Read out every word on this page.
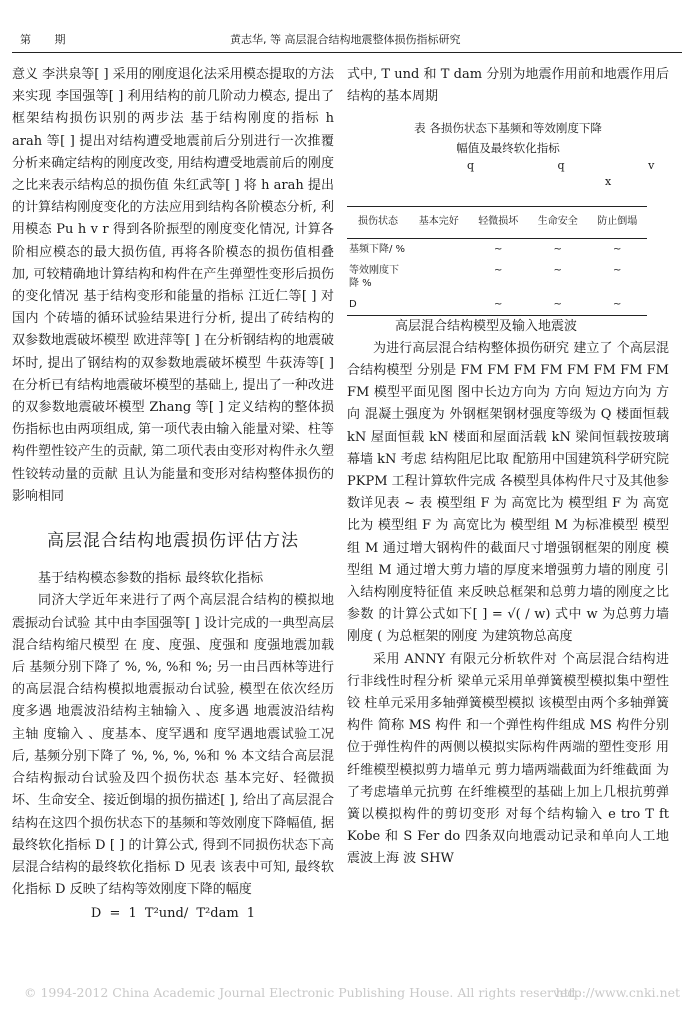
第 期	黄志华, 等 高层混合结构地震整体损伤指标研究

意义 李洪泉等[ ] 采用的刚度退化法采用模态提取的方法来实现 李国强等[ ] 利用结构的前几阶动力模态, 提出了框架结构损伤识别的两步法 基于结构刚度的指标 h arah 等[ ] 提出对结构遭受地震前后分别进行一次推覆分析来确定结构的刚度改变, 用结构遭受地震前后的刚度之比来表示结构总的损伤值 朱红武等[ ] 将 h arah 提出的计算结构刚度变化的方法应用到结构各阶模态分析, 利用模态 Pu h v r 得到各阶振型的刚度变化情况, 计算各阶相应模态的最大损伤值, 再将各阶模态的损伤值相叠加, 可较精确地计算结构和构件在产生弹塑性变形后损伤的变化情况 基于结构变形和能量的指标 江近仁等[ ] 对国内 个砖墙的循环试验结果进行分析, 提出了砖结构的双参数地震破坏模型 欧进萍等[ ] 在分析钢结构的地震破坏时, 提出了钢结构的双参数地震破坏模型 牛荻涛等[ ] 在分析已有结构地震破坏模型的基础上, 提出了一种改进的双参数地震破坏模型 Zhang 等[ ] 定义结构的整体损伤指标也由两项组成, 第一项代表由输入能量对梁、柱等构件塑性铰产生的贡献, 第二项代表由变形对构件永久塑性铰转动量的贡献 且认为能量和变形对结构整体损伤的影响相同

高层混合结构地震损伤评估方法

基于结构模态参数的指标 最终软化指标

同济大学近年来进行了两个高层混合结构的模拟地震振动台试验 其中由李国强等[ ] 设计完成的一典型高层混合结构缩尺模型 在 度、度强、度强和 度强地震加载后 基频分别下降了 %, %, %和 %; 另一由吕西林等进行的高层混合结构模拟地震振动台试验, 模型在依次经历 度多遇 地震波沿结构主轴输入 、度多遇 地震波沿结构主轴 度输入 、度基本、度罕遇和 度罕遇地震试验工况后, 基频分别下降了 %, %, %, %和 % 本文结合高层混合结构振动台试验及四个损伤状态 基本完好、轻微损坏、生命安全、接近倒塌的损伤描述[ ], 给出了高层混合结构在这四个损伤状态下的基频和等效刚度下降幅值, 据最终软化指标 D [ ] 的计算公式, 得到不同损伤状态下高层混合结构的最终软化指标 D 见表 该表中可知, 最终软化指标 D 反映了结构等效刚度下降的幅度

D = 1 T²und/ T²dam 1

式中, T und 和 T dam 分别为地震作用前和地震作用后结构的基本周期

表 各损伤状态下基频和等效刚度下降
幅值及最终软化指标
q q v
x
损伤状态	基本完好	轻微损坏	生命安全	防止倒塌
基频下降/ %		~	~	~
等效刚度下降 %		~	~	~
D		~	~	~

高层混合结构模型及输入地震波

为进行高层混合结构整体损伤研究 建立了 个高层混合结构模型 分别是 FM FM FM FM FM FM FM FM FM 模型平面见图 图中长边方向为 方向 短边方向为 方向 混凝土强度为 外钢框架钢材强度等级为 Q 楼面恒载 kN 屋面恒载 kN 楼面和屋面活载 kN 梁间恒载按玻璃幕墙 kN 考虑 结构阻尼比取 配筋用中国建筑科学研究院 PKPM 工程计算软件完成 各模型具体构件尺寸及其他参数详见表 ~ 表 模型组 F 为 高宽比为 模型组 F 为 高宽比为 模型组 F 为 高宽比为 模型组 M 为标准模型 模型组 M 通过增大钢构件的截面尺寸增强钢框架的刚度 模型组 M 通过增大剪力墙的厚度来增强剪力墙的刚度 引入结构刚度特征值 来反映总框架和总剪力墙的刚度之比 参数 的计算公式如下[ ] = √( / w) 式中 w 为总剪力墙刚度 ( 为总框架的刚度 为建筑物总高度

采用 ANNY 有限元分析软件对 个高层混合结构进行非线性时程分析 梁单元采用单弹簧模型模拟集中塑性铰 柱单元采用多轴弹簧模型模拟 该模型由两个多轴弹簧构件 简称 MS 构件 和一个弹性构件组成 MS 构件分别位于弹性构件的两侧以模拟实际构件两端的塑性变形 用纤维模型模拟剪力墙单元 剪力墙两端截面为纤维截面 为了考虑墙单元抗剪 在纤维模型的基础上加上几根抗剪弹簧以模拟构件的剪切变形 对每个结构输入 e tro T ft Kobe 和 S Fer do 四条双向地震动记录和单向人工地震波上海 波 SHW

© 1994-2012 China Academic Journal Electronic Publishing House. All rights reserved.
http://www.cnki.net
